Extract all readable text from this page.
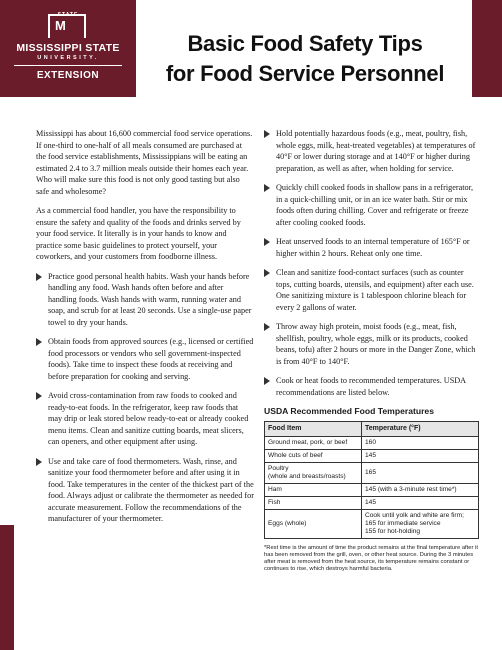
STATE
M
MISSISSIPPI STATE
UNIVERSITY.
EXTENSION
Basic Food Safety Tips
for Food Service Personnel

Mississippi has about 16,600 commercial food service operations. If one-third to one-half of all meals consumed are purchased at the food service establishments, Mississippians will be eating an estimated 2.4 to 3.7 million meals outside their homes each year. Who will make sure this food is not only good tasting but also safe and wholesome?

As a commercial food handler, you have the responsibility to ensure the safety and quality of the foods and drinks served by your food service. It literally is in your hands to know and practice some basic guidelines to protect yourself, your coworkers, and your customers from foodborne illness.

Practice good personal health habits. Wash your hands before handling any food. Wash hands often before and after handling foods. Wash hands with warm, running water and soap, and scrub for at least 20 seconds. Use a single-use paper towel to dry your hands.
Obtain foods from approved sources (e.g., licensed or certified food processors or vendors who sell government-inspected foods). Take time to inspect these foods at receiving and before preparation for cooking and serving.
Avoid cross-contamination from raw foods to cooked and ready-to-eat foods. In the refrigerator, keep raw foods that may drip or leak stored below ready-to-eat or already cooked menu items. Clean and sanitize cutting boards, meat slicers, can openers, and other equipment after using.
Use and take care of food thermometers. Wash, rinse, and sanitize your food thermometer before and after using it in food. Take temperatures in the center of the thickest part of the food. Always adjust or calibrate the thermometer as needed for accurate measurement. Follow the recommendations of the manufacturer of your thermometer.
Hold potentially hazardous foods (e.g., meat, poultry, fish, whole eggs, milk, heat-treated vegetables) at temperatures of 40°F or lower during storage and at 140°F or higher during preparation, as well as after, when holding for service.
Quickly chill cooked foods in shallow pans in a refrigerator, in a quick-chilling unit, or in an ice water bath. Stir or mix foods often during chilling. Cover and refrigerate or freeze after cooling cooked foods.
Heat unserved foods to an internal temperature of 165°F or higher within 2 hours. Reheat only one time.
Clean and sanitize food-contact surfaces (such as counter tops, cutting boards, utensils, and equipment) after each use. One sanitizing mixture is 1 tablespoon chlorine bleach for every 2 gallons of water.
Throw away high protein, moist foods (e.g., meat, fish, shellfish, poultry, whole eggs, milk or its products, cooked beans, tofu) after 2 hours or more in the Danger Zone, which is from 40°F to 140°F.
Cook or heat foods to recommended temperatures. USDA recommendations are listed below.
USDA Recommended Food Temperatures
Food Item	Temperature (°F)
Ground meat, pork, or beef	160
Whole cuts of beef	145
Poultry
(whole and breasts/roasts)	165
Ham	145 (with a 3-minute rest time*)
Fish	145
Eggs (whole)	Cook until yolk and white are firm;
165 for immediate service
155 for hot-holding
*Rest time is the amount of time the product remains at the final temperature after it has been removed from the grill, oven, or other heat source. During the 3 minutes after meat is removed from the heat source, its temperature remains constant or continues to rise, which destroys harmful bacteria.
